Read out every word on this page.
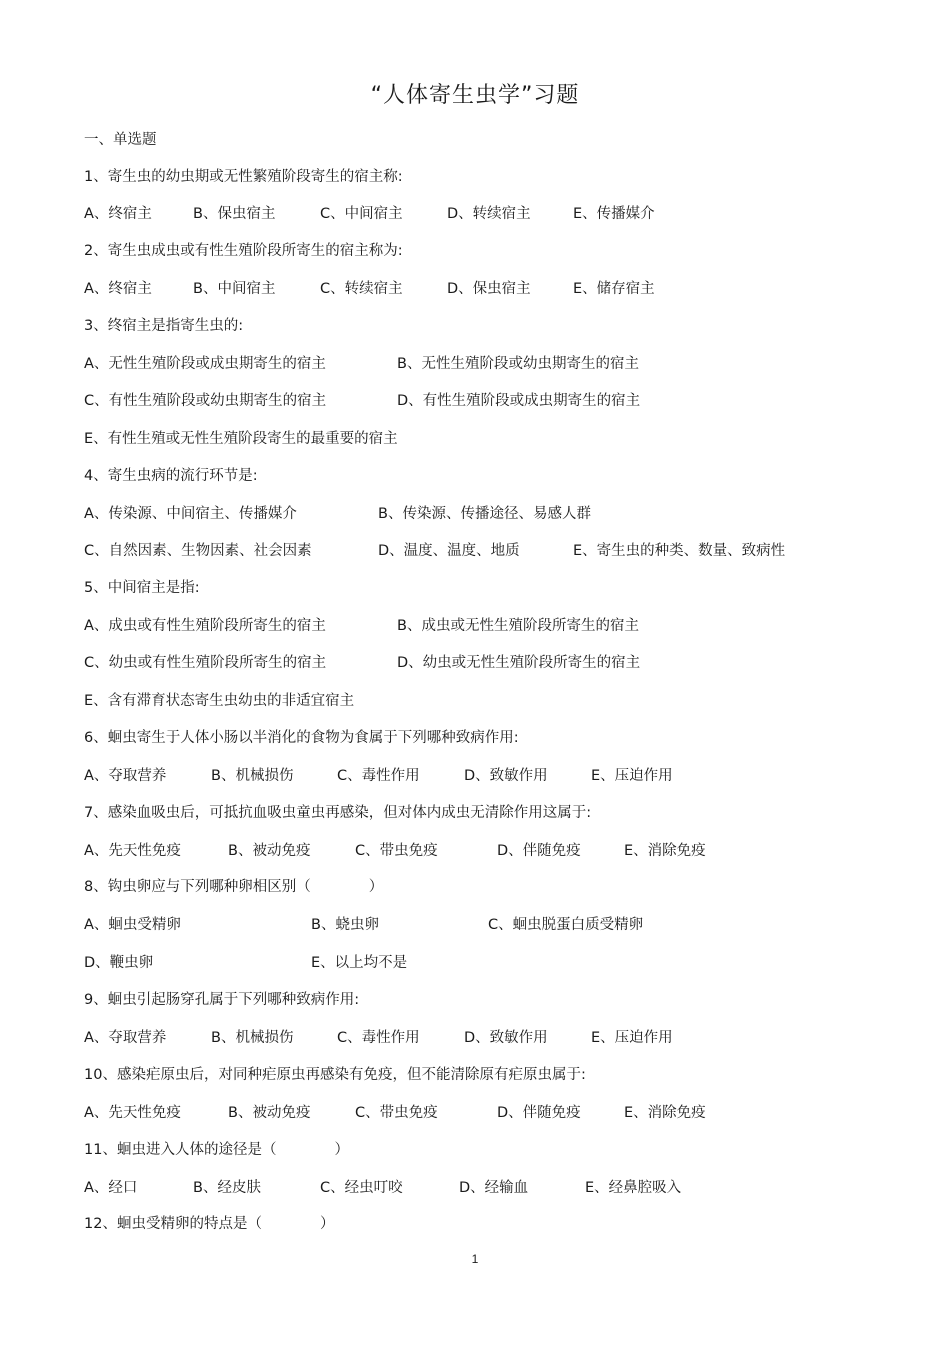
“人体寄生虫学”习题
一、单选题
1、寄生虫的幼虫期或无性繁殖阶段寄生的宿主称:
A、终宿主	B、保虫宿主	C、中间宿主	D、转续宿主	E、传播媒介
2、寄生虫成虫或有性生殖阶段所寄生的宿主称为:
A、终宿主	B、中间宿主	C、转续宿主	D、保虫宿主	E、储存宿主
3、终宿主是指寄生虫的:
A、无性生殖阶段或成虫期寄生的宿主	B、无性生殖阶段或幼虫期寄生的宿主
C、有性生殖阶段或幼虫期寄生的宿主	D、有性生殖阶段或成虫期寄生的宿主
E、有性生殖或无性生殖阶段寄生的最重要的宿主
4、寄生虫病的流行环节是:
A、传染源、中间宿主、传播媒介	B、传染源、传播途径、易感人群
C、自然因素、生物因素、社会因素	D、温度、温度、地质	E、寄生虫的种类、数量、致病性
5、中间宿主是指:
A、成虫或有性生殖阶段所寄生的宿主	B、成虫或无性生殖阶段所寄生的宿主
C、幼虫或有性生殖阶段所寄生的宿主	D、幼虫或无性生殖阶段所寄生的宿主
E、含有滞育状态寄生虫幼虫的非适宜宿主
6、蛔虫寄生于人体小肠以半消化的食物为食属于下列哪种致病作用:
A、夺取营养	B、机械损伤	C、毒性作用	D、致敏作用	E、压迫作用
7、感染血吸虫后，可抵抗血吸虫童虫再感染，但对体内成虫无清除作用这属于:
A、先天性免疫	B、被动免疫	C、带虫免疫	D、伴随免疫	E、消除免疫
8、钩虫卵应与下列哪种卵相区别（　　　　）
A、蛔虫受精卵	B、蛲虫卵	C、蛔虫脱蛋白质受精卵
D、鞭虫卵	E、以上均不是
9、蛔虫引起肠穿孔属于下列哪种致病作用:
A、夺取营养	B、机械损伤	C、毒性作用	D、致敏作用	E、压迫作用
10、感染疟原虫后，对同种疟原虫再感染有免疫，但不能清除原有疟原虫属于:
A、先天性免疫	B、被动免疫	C、带虫免疫	D、伴随免疫	E、消除免疫
11、蛔虫进入人体的途径是（　　　　）
A、经口	B、经皮肤	C、经虫叮咬	D、经输血	E、经鼻腔吸入
12、蛔虫受精卵的特点是（　　　　）
1
